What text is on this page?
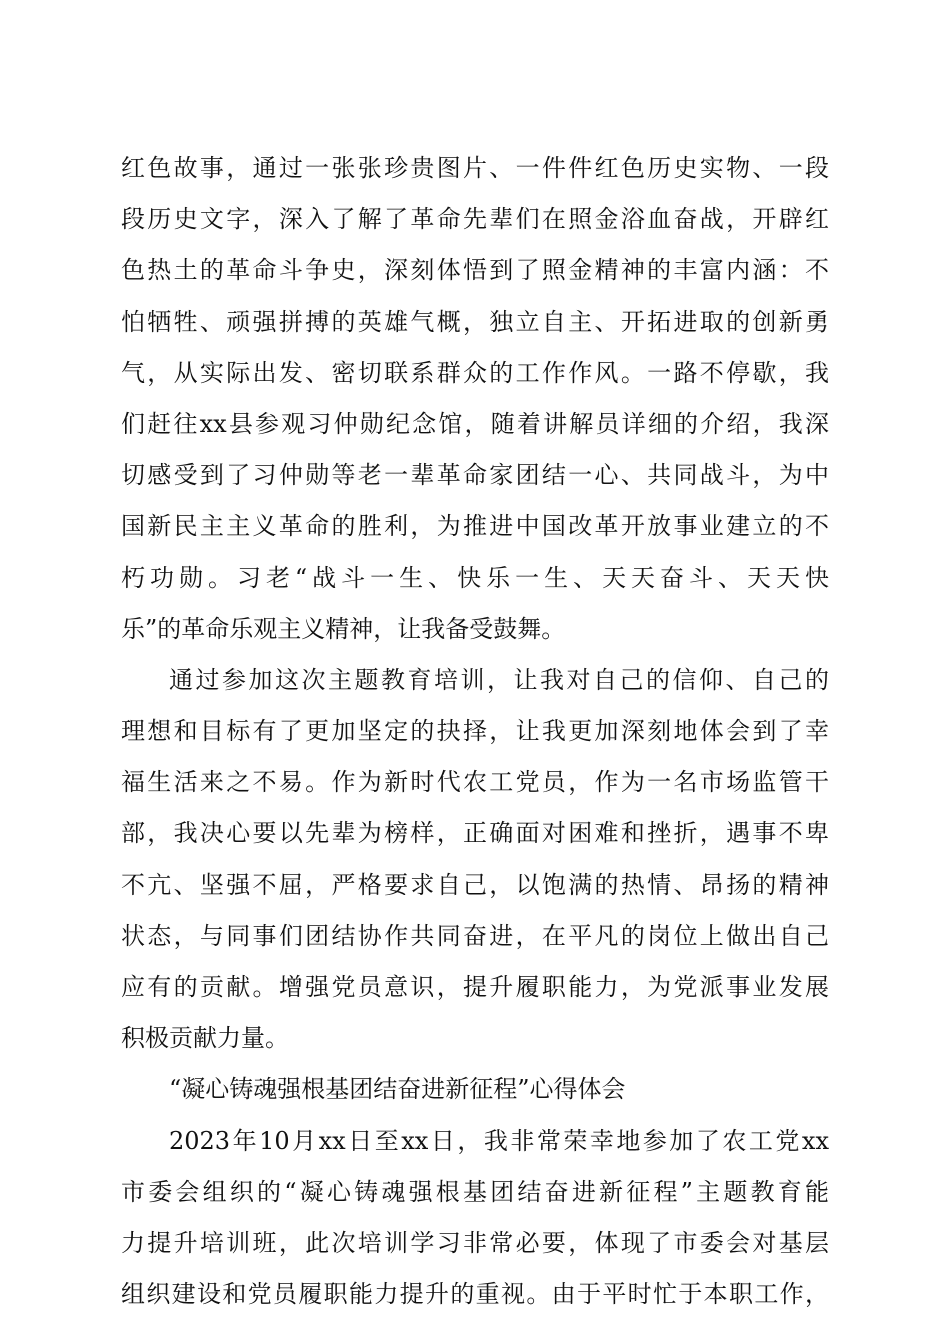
红色故事，通过一张张珍贵图片、一件件红色历史实物、一段
段历史文字，深入了解了革命先辈们在照金浴血奋战，开辟红
色热土的革命斗争史，深刻体悟到了照金精神的丰富内涵：不
怕牺牲、顽强拼搏的英雄气概，独立自主、开拓进取的创新勇
气，从实际出发、密切联系群众的工作作风。一路不停歇，我
们赶往xx县参观习仲勋纪念馆，随着讲解员详细的介绍，我深
切感受到了习仲勋等老一辈革命家团结一心、共同战斗，为中
国新民主主义革命的胜利，为推进中国改革开放事业建立的不
朽功勋。习老“战斗一生、快乐一生、天天奋斗、天天快
乐”的革命乐观主义精神，让我备受鼓舞。
通过参加这次主题教育培训，让我对自己的信仰、自己的
理想和目标有了更加坚定的抉择，让我更加深刻地体会到了幸
福生活来之不易。作为新时代农工党员，作为一名市场监管干
部，我决心要以先辈为榜样，正确面对困难和挫折，遇事不卑
不亢、坚强不屈，严格要求自己，以饱满的热情、昂扬的精神
状态，与同事们团结协作共同奋进，在平凡的岗位上做出自己
应有的贡献。增强党员意识，提升履职能力，为党派事业发展
积极贡献力量。
“凝心铸魂强根基团结奋进新征程”心得体会
2023年10月xx日至xx日，我非常荣幸地参加了农工党xx
市委会组织的“凝心铸魂强根基团结奋进新征程”主题教育能
力提升培训班，此次培训学习非常必要，体现了市委会对基层
组织建设和党员履职能力提升的重视。由于平时忙于本职工作，
